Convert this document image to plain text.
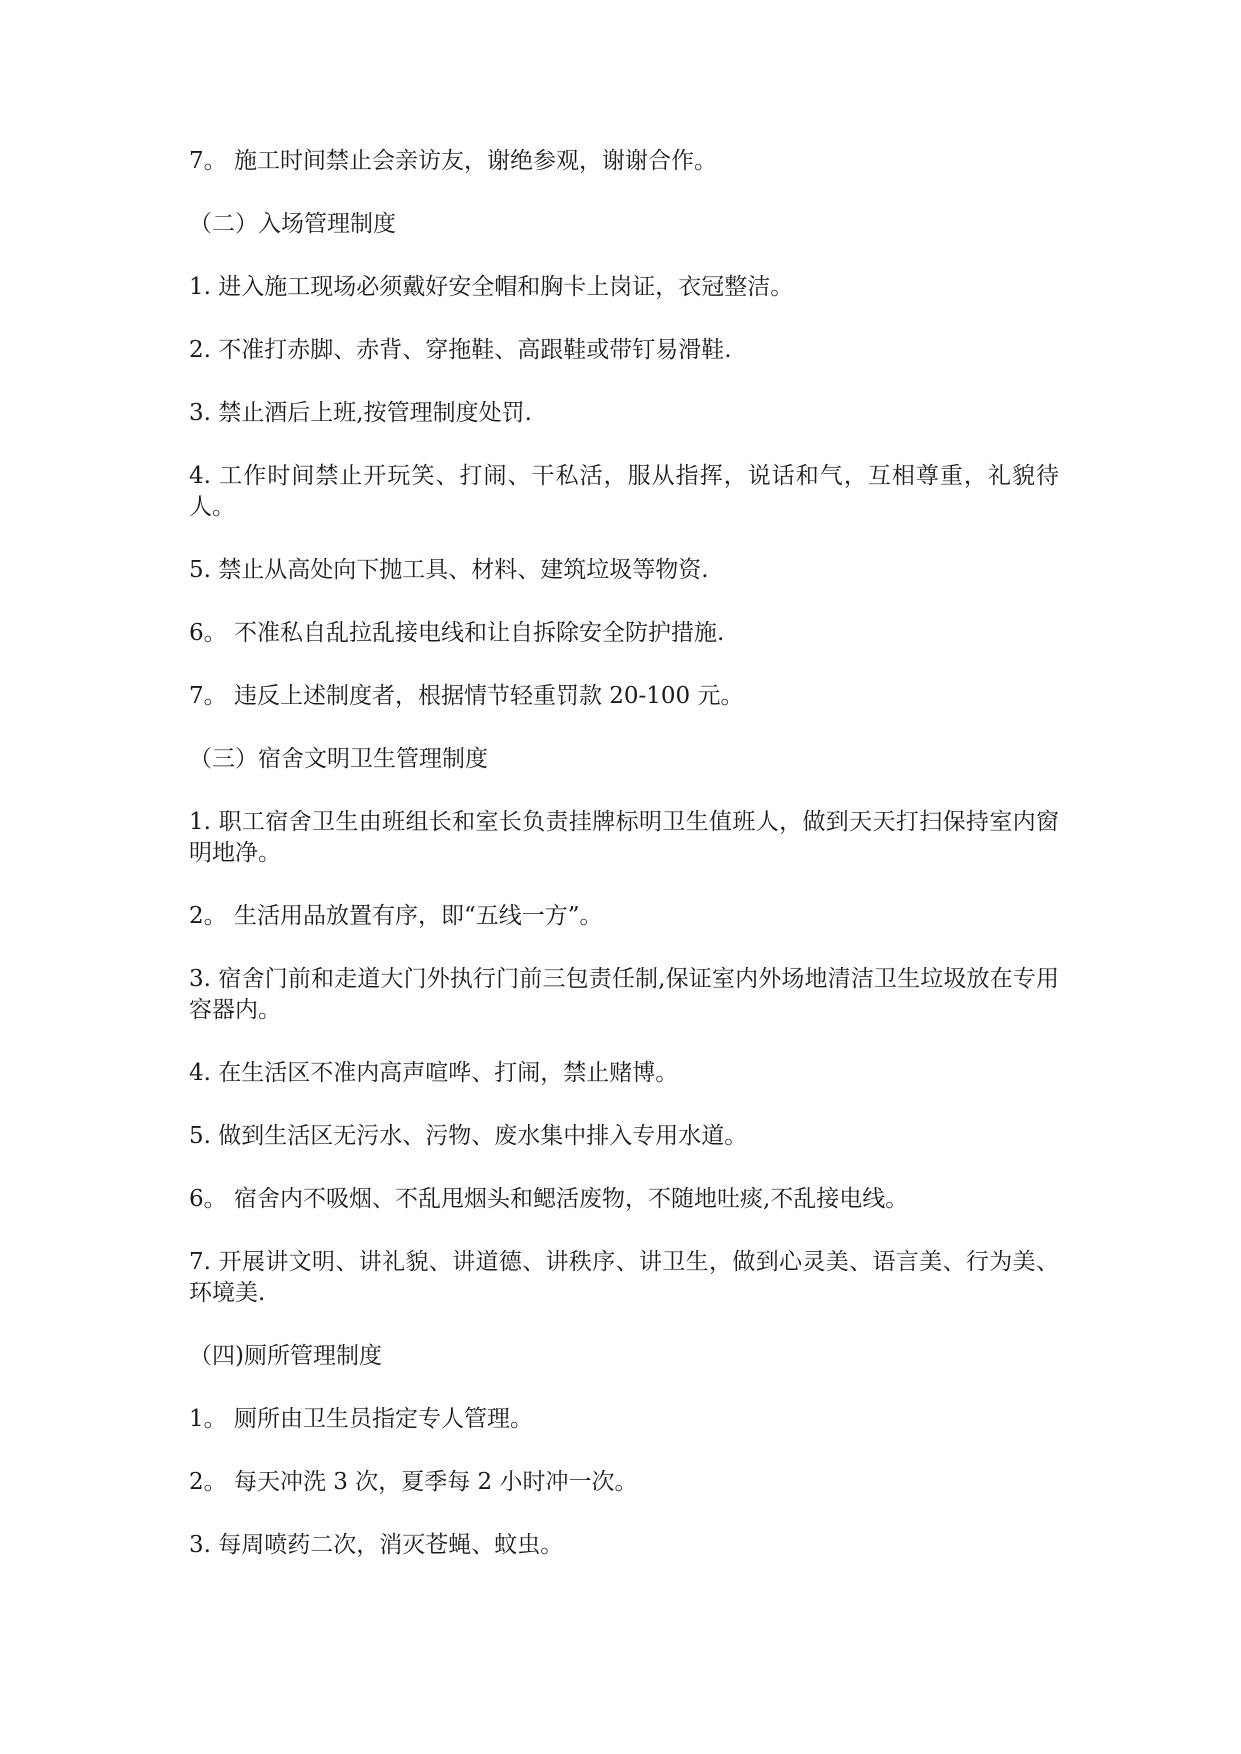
7。 施工时间禁止会亲访友，谢绝参观，谢谢合作。

（二）入场管理制度

1. 进入施工现场必须戴好安全帽和胸卡上岗证，衣冠整洁。

2. 不准打赤脚、赤背、穿拖鞋、高跟鞋或带钉易滑鞋.

3. 禁止酒后上班,按管理制度处罚.

4. 工作时间禁止开玩笑、打闹、干私活，服从指挥，说话和气，互相尊重，礼貌待人。

5. 禁止从高处向下抛工具、材料、建筑垃圾等物资.

6。 不准私自乱拉乱接电线和让自拆除安全防护措施.

7。 违反上述制度者，根据情节轻重罚款 20-100 元。

（三）宿舍文明卫生管理制度

1. 职工宿舍卫生由班组长和室长负责挂牌标明卫生值班人，做到天天打扫保持室内窗明地净。

2。 生活用品放置有序，即“五线一方”。

3. 宿舍门前和走道大门外执行门前三包责任制,保证室内外场地清洁卫生垃圾放在专用容器内。

4. 在生活区不准内高声喧哗、打闹，禁止赌博。

5. 做到生活区无污水、污物、废水集中排入专用水道。

6。 宿舍内不吸烟、不乱甩烟头和鳃活废物，不随地吐痰,不乱接电线。

7. 开展讲文明、讲礼貌、讲道德、讲秩序、讲卫生，做到心灵美、语言美、行为美、环境美.

（四)厕所管理制度

1。 厕所由卫生员指定专人管理。

2。 每天冲洗 3 次，夏季每 2 小时冲一次。

3. 每周喷药二次，消灭苍蝇、蚊虫。
